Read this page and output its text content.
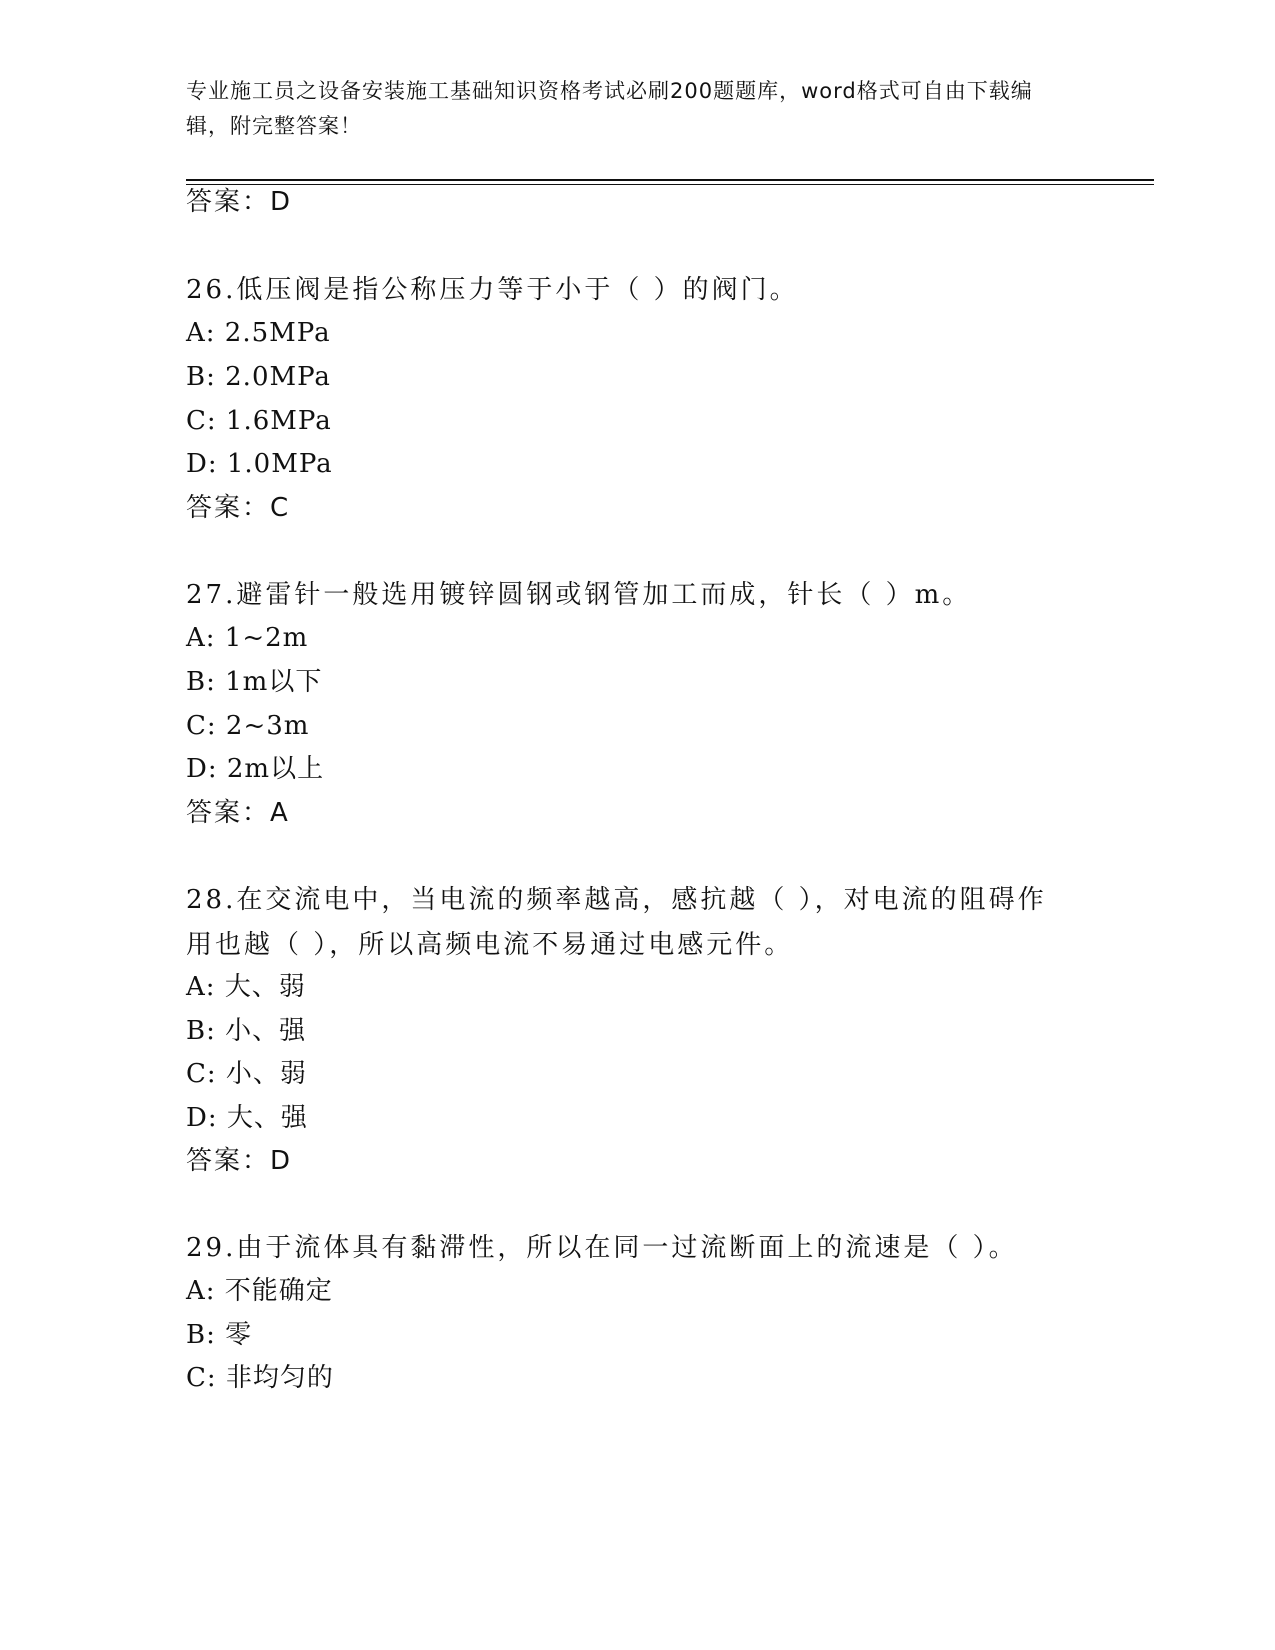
专业施工员之设备安装施工基础知识资格考试必刷200题题库，word格式可自由下载编辑，附完整答案！
答案：D
26.低压阀是指公称压力等于小于（ ）的阀门。
A: 2.5MPa
B: 2.0MPa
C: 1.6MPa
D: 1.0MPa
答案：C
27.避雷针一般选用镀锌圆钢或钢管加工而成，针长（ ）m。
A: 1~2m
B: 1m以下
C: 2~3m
D: 2m以上
答案：A
28.在交流电中，当电流的频率越高，感抗越（ ），对电流的阻碍作用也越（ ），所以高频电流不易通过电感元件。
A: 大、弱
B: 小、强
C: 小、弱
D: 大、强
答案：D
29.由于流体具有黏滞性，所以在同一过流断面上的流速是（ ）。
A: 不能确定
B: 零
C: 非均匀的
